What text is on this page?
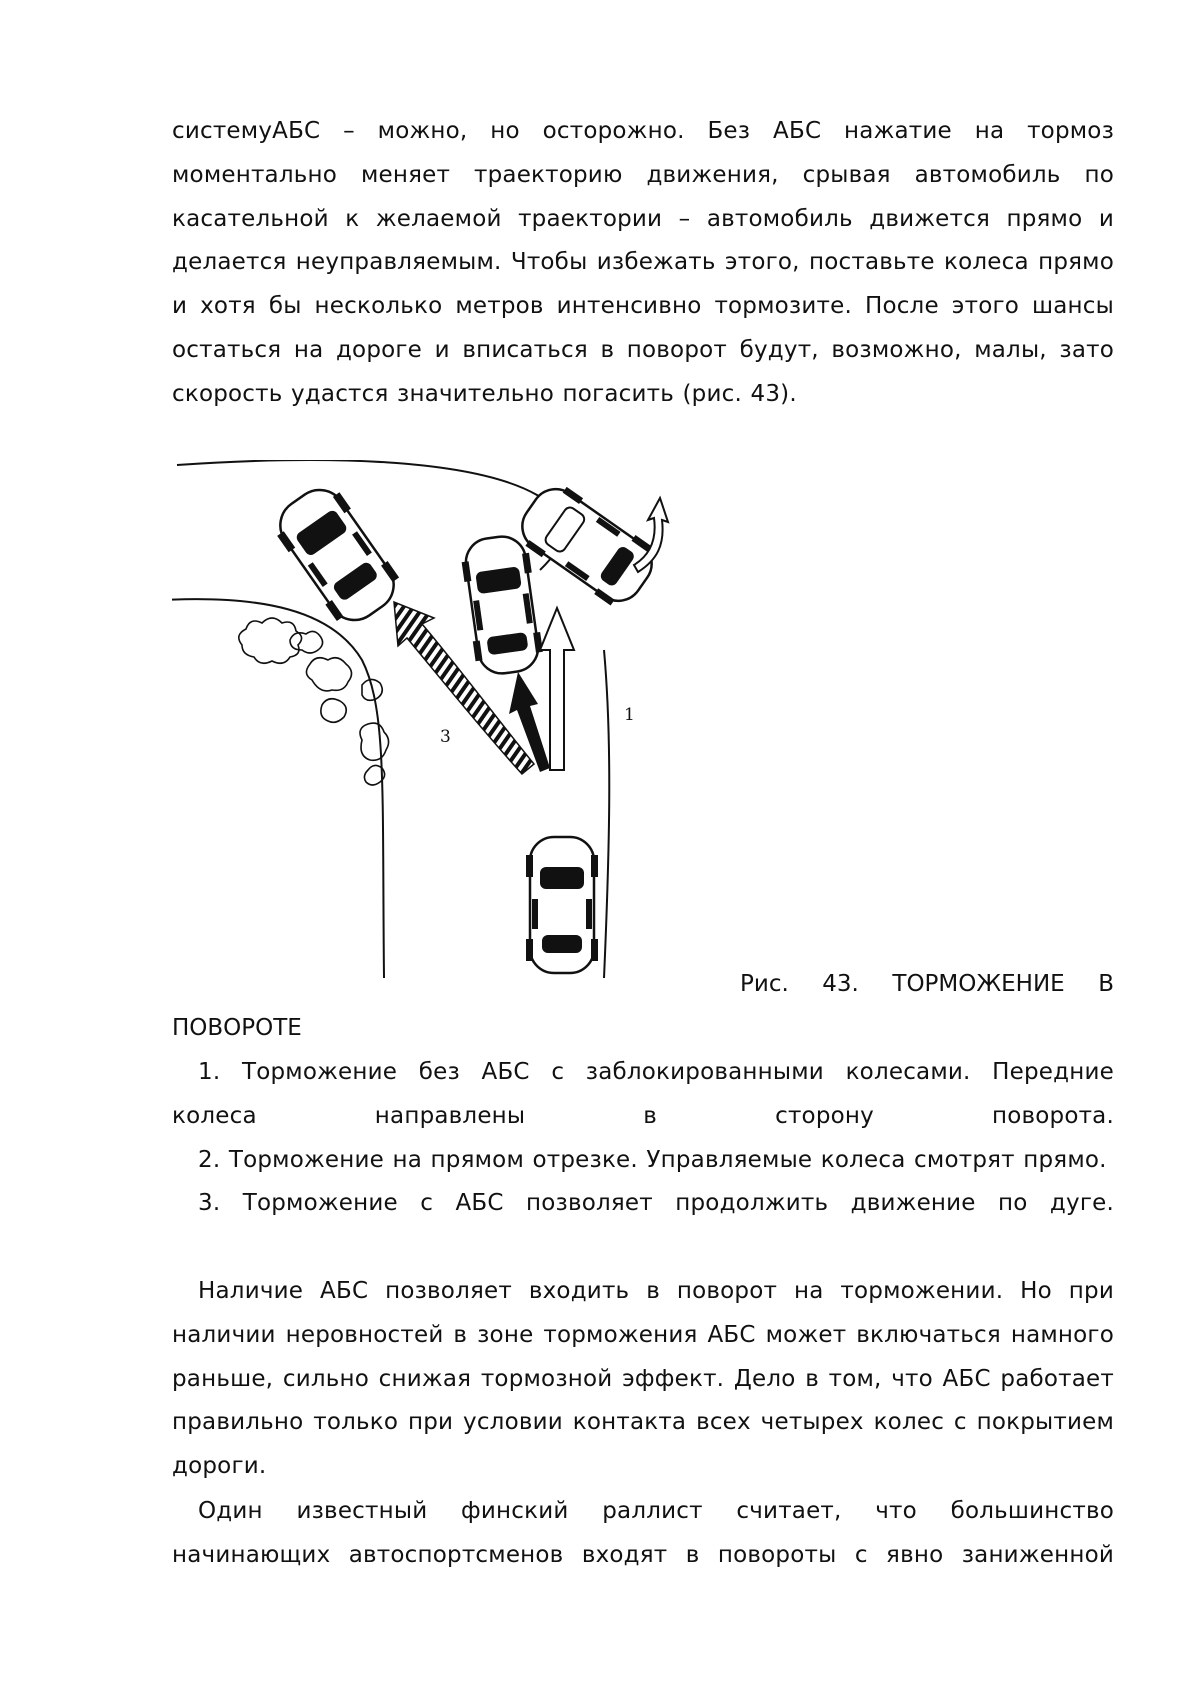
системуАБС – можно, но осторожно. Без АБС нажатие на тормоз моментально меняет траекторию движения, срывая автомобиль по касательной к желаемой траектории – автомобиль движется прямо и делается неуправляемым. Чтобы избежать этого, поставьте колеса прямо и хотя бы несколько метров интенсивно тормозите. После этого шансы остаться на дороге и вписаться в поворот будут, возможно, малы, зато скорость удастся значительно погасить (рис. 43).

1
2
3

Рис. 43. ТОРМОЖЕНИЕ В

ПОВОРОТЕ

1. Торможение без АБС с заблокированными колесами. Передние колеса направлены в сторону поворота.

2. Торможение на прямом отрезке. Управляемые колеса смотрят прямо.

3. Торможение с АБС позволяет продолжить движение по дуге.

Наличие АБС позволяет входить в поворот на торможении. Но при наличии неровностей в зоне торможения АБС может включаться намного раньше, сильно снижая тормозной эффект. Дело в том, что АБС работает правильно только при условии контакта всех четырех колес с покрытием дороги.

Один известный финский раллист считает, что большинство начинающих автоспортсменов входят в повороты с явно заниженной
